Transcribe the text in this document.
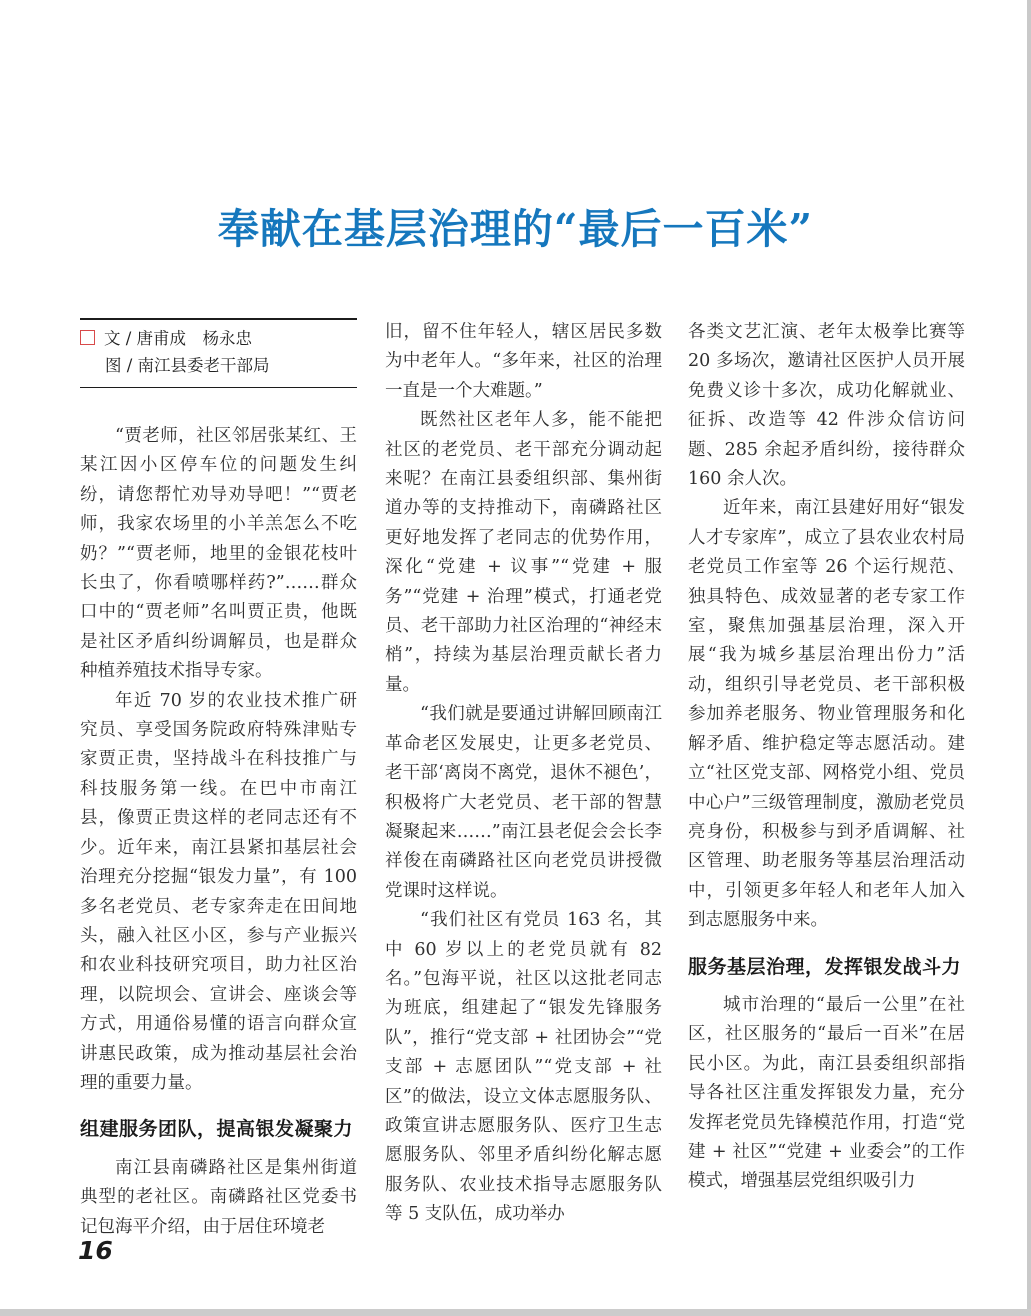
奉献在基层治理的“最后一百米”
文 / 唐甫成　杨永忠
图 / 南江县委老干部局

“贾老师，社区邻居张某红、王某江因小区停车位的问题发生纠纷，请您帮忙劝导劝导吧！”“贾老师，我家农场里的小羊羔怎么不吃奶？”“贾老师，地里的金银花枝叶长虫了，你看喷哪样药?”……群众口中的“贾老师”名叫贾正贵，他既是社区矛盾纠纷调解员，也是群众种植养殖技术指导专家。

年近 70 岁的农业技术推广研究员、享受国务院政府特殊津贴专家贾正贵，坚持战斗在科技推广与科技服务第一线。在巴中市南江县，像贾正贵这样的老同志还有不少。近年来，南江县紧扣基层社会治理充分挖掘“银发力量”，有 100 多名老党员、老专家奔走在田间地头，融入社区小区，参与产业振兴和农业科技研究项目，助力社区治理，以院坝会、宣讲会、座谈会等方式，用通俗易懂的语言向群众宣讲惠民政策，成为推动基层社会治理的重要力量。

组建服务团队，提高银发凝聚力

南江县南磷路社区是集州街道典型的老社区。南磷路社区党委书记包海平介绍，由于居住环境老

旧，留不住年轻人，辖区居民多数为中老年人。“多年来，社区的治理一直是一个大难题。”

既然社区老年人多，能不能把社区的老党员、老干部充分调动起来呢？在南江县委组织部、集州街道办等的支持推动下，南磷路社区更好地发挥了老同志的优势作用，深化“党建 + 议事”“党建 + 服务”“党建 + 治理”模式，打通老党员、老干部助力社区治理的“神经末梢”，持续为基层治理贡献长者力量。

“我们就是要通过讲解回顾南江革命老区发展史，让更多老党员、老干部‘离岗不离党，退休不褪色’，积极将广大老党员、老干部的智慧凝聚起来……”南江县老促会会长李祥俊在南磷路社区向老党员讲授微党课时这样说。

“我们社区有党员 163 名，其中 60 岁以上的老党员就有 82 名。”包海平说，社区以这批老同志为班底，组建起了“银发先锋服务队”，推行“党支部 + 社团协会”“党支部 + 志愿团队”“党支部 + 社区”的做法，设立文体志愿服务队、政策宣讲志愿服务队、医疗卫生志愿服务队、邻里矛盾纠纷化解志愿服务队、农业技术指导志愿服务队等 5 支队伍，成功举办

各类文艺汇演、老年太极拳比赛等 20 多场次，邀请社区医护人员开展免费义诊十多次，成功化解就业、征拆、改造等 42 件涉众信访问题、285 余起矛盾纠纷，接待群众 160 余人次。

近年来，南江县建好用好“银发人才专家库”，成立了县农业农村局老党员工作室等 26 个运行规范、独具特色、成效显著的老专家工作室，聚焦加强基层治理，深入开展“我为城乡基层治理出份力”活动，组织引导老党员、老干部积极参加养老服务、物业管理服务和化解矛盾、维护稳定等志愿活动。建立“社区党支部、网格党小组、党员中心户”三级管理制度，激励老党员亮身份，积极参与到矛盾调解、社区管理、助老服务等基层治理活动中，引领更多年轻人和老年人加入到志愿服务中来。

服务基层治理，发挥银发战斗力

城市治理的“最后一公里”在社区，社区服务的“最后一百米”在居民小区。为此，南江县委组织部指导各社区注重发挥银发力量，充分发挥老党员先锋模范作用，打造“党建 + 社区”“党建 + 业委会”的工作模式，增强基层党组织吸引力

16
